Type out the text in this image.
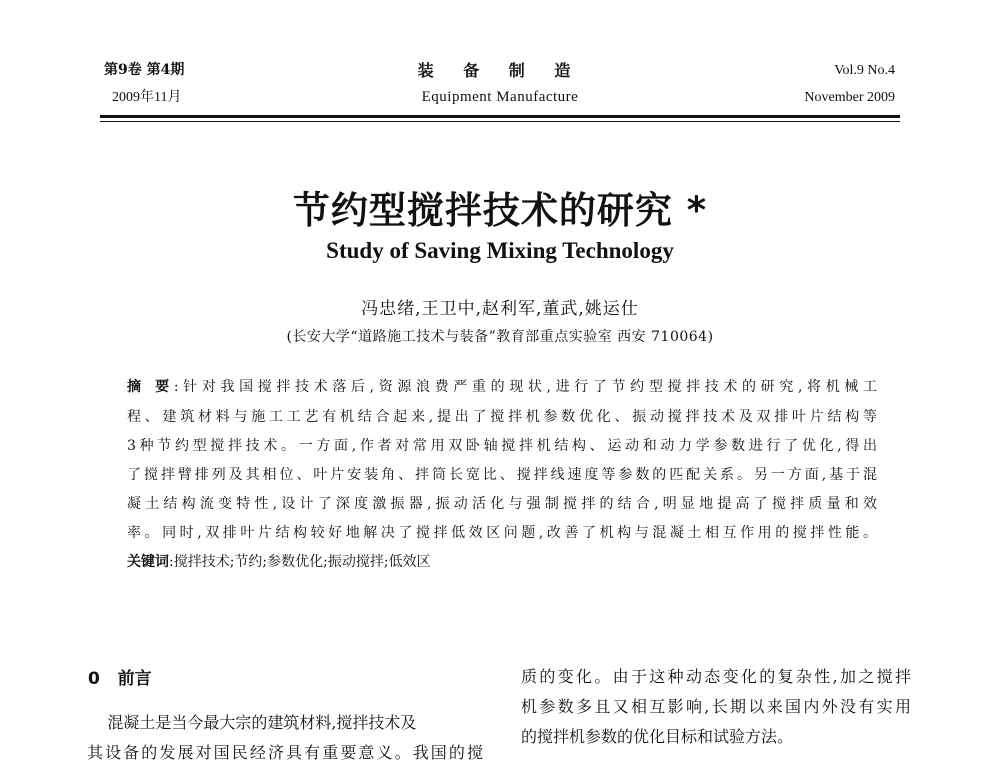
第9卷 第4期
2009年11月
装 备 制 造
Equipment Manufacture
Vol.9 No.4
November 2009
节约型搅拌技术的研究 *
Study of Saving Mixing Technology
冯忠绪,王卫中,赵利军,董武,姚运仕
(长安大学“道路施工技术与装备”教育部重点实验室 西安 710064)
摘 要:针对我国搅拌技术落后,资源浪费严重的现状,进行了节约型搅拌技术的研究,将机械工
程、建筑材料与施工工艺有机结合起来,提出了搅拌机参数优化、振动搅拌技术及双排叶片结构等
3种节约型搅拌技术。一方面,作者对常用双卧轴搅拌机结构、运动和动力学参数进行了优化,得出
了搅拌臂排列及其相位、叶片安装角、拌筒长宽比、搅拌线速度等参数的匹配关系。另一方面,基于混
凝土结构流变特性,设计了深度激振器,振动活化与强制搅拌的结合,明显地提高了搅拌质量和效
率。同时,双排叶片结构较好地解决了搅拌低效区问题,改善了机构与混凝土相互作用的搅拌性能。
关键词:搅拌技术;节约;参数优化;振动搅拌;低效区
0   前言
混凝土是当今最大宗的建筑材料,搅拌技术及
其设备的发展对国民经济具有重要意义。我国的搅
质的变化。由于这种动态变化的复杂性,加之搅拌
机参数多且又相互影响,长期以来国内外没有实用
的搅拌机参数的优化目标和试验方法。
